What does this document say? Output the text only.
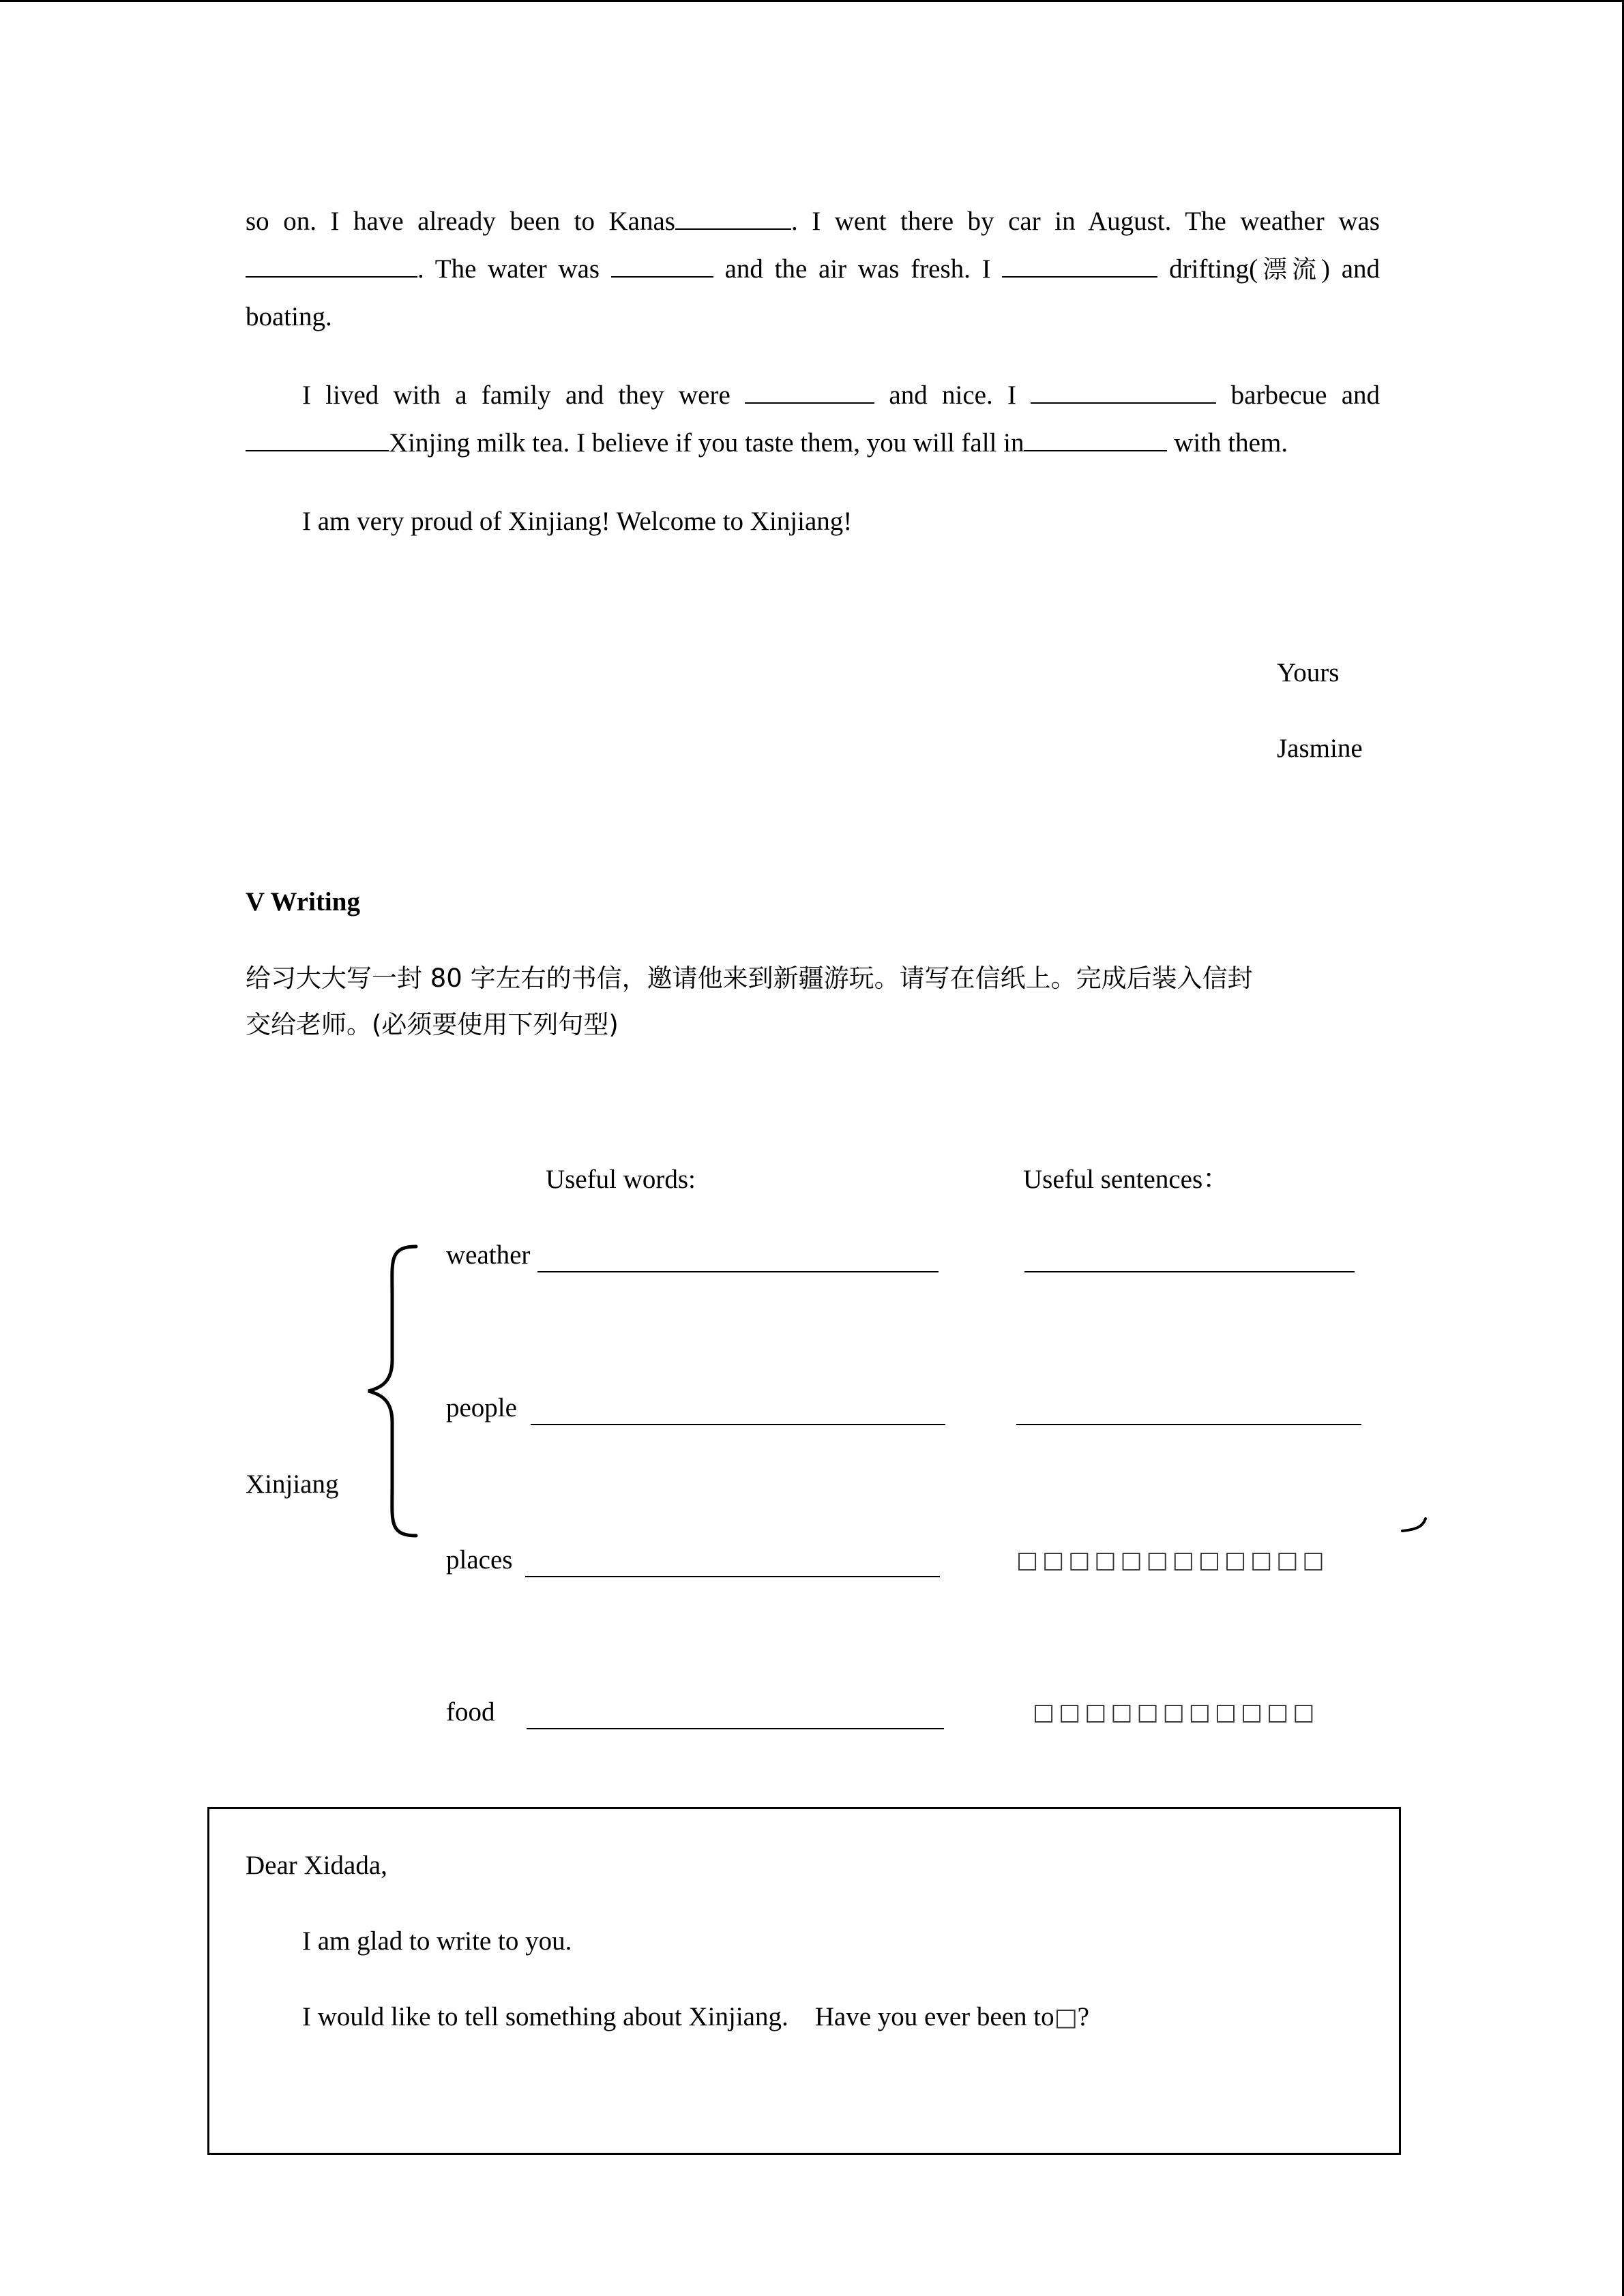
so on. I have already been to Kanas	. I went there by car in August. The weather was
. The water was	and the air was fresh. I	drifting(漂流) and
boating.
I lived with a family and they were	and nice. I	barbecue and
Xinjing milk tea. I believe if you taste them, you will fall in	with them.
I am very proud of Xinjiang! Welcome to Xinjiang!
Yours
Jasmine
V Writing
给习大大写一封 80 字左右的书信，邀请他来到新疆游玩。请写在信纸上。完成后装入信封
交给老师。(必须要使用下列句型)
Useful words:	Useful sentences：
Xinjiang
weather
people
places	□□□□□□□□□□□□
food	□□□□□□□□□□□
Dear Xidada,
I am glad to write to you.
I would like to tell something about Xinjiang. Have you ever been to□?
